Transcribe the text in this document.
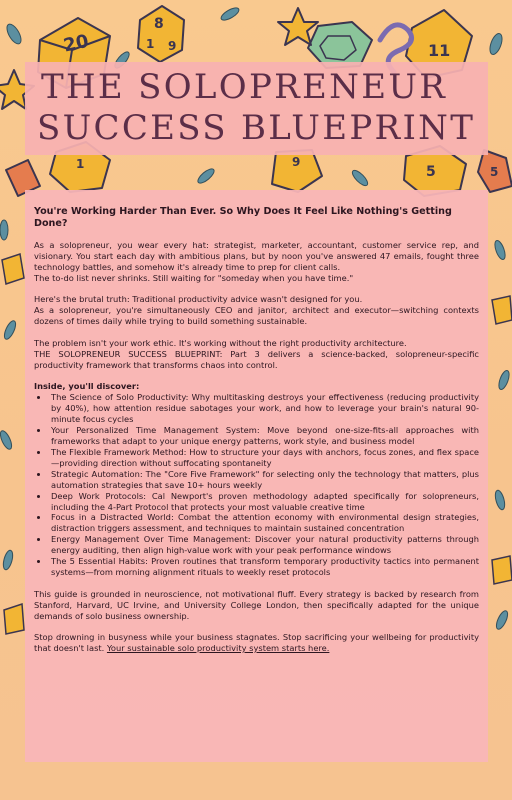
20
8
1 9	11
1	9
5	5
THE SOLOPRENEUR
SUCCESS BLUEPRINT
You're Working Harder Than Ever. So Why Does It Feel Like Nothing's Getting Done?
As a solopreneur, you wear every hat: strategist, marketer, accountant, customer service rep, and visionary. You start each day with ambitious plans, but by noon you've answered 47 emails, fought three technology battles, and somehow it's already time to prep for client calls.
The to-do list never shrinks. Still waiting for "someday when you have time."
Here's the brutal truth: Traditional productivity advice wasn't designed for you.
As a solopreneur, you're simultaneously CEO and janitor, architect and executor—switching contexts dozens of times daily while trying to build something sustainable.
The problem isn't your work ethic. It's working without the right productivity architecture.
THE SOLOPRENEUR SUCCESS BLUEPRINT: Part 3 delivers a science-backed, solopreneur-specific productivity framework that transforms chaos into control.
Inside, you'll discover:
• The Science of Solo Productivity: Why multitasking destroys your effectiveness (reducing productivity by 40%), how attention residue sabotages your work, and how to leverage your brain's natural 90-minute focus cycles
• Your Personalized Time Management System: Move beyond one-size-fits-all approaches with frameworks that adapt to your unique energy patterns, work style, and business model
• The Flexible Framework Method: How to structure your days with anchors, focus zones, and flex space—providing direction without suffocating spontaneity
• Strategic Automation: The "Core Five Framework" for selecting only the technology that matters, plus automation strategies that save 10+ hours weekly
• Deep Work Protocols: Cal Newport's proven methodology adapted specifically for solopreneurs, including the 4-Part Protocol that protects your most valuable creative time
• Focus in a Distracted World: Combat the attention economy with environmental design strategies, distraction triggers assessment, and techniques to maintain sustained concentration
• Energy Management Over Time Management: Discover your natural productivity patterns through energy auditing, then align high-value work with your peak performance windows
• The 5 Essential Habits: Proven routines that transform temporary productivity tactics into permanent systems—from morning alignment rituals to weekly reset protocols
This guide is grounded in neuroscience, not motivational fluff. Every strategy is backed by research from Stanford, Harvard, UC Irvine, and University College London, then specifically adapted for the unique demands of solo business ownership.
Stop drowning in busyness while your business stagnates. Stop sacrificing your wellbeing for productivity that doesn't last. Your sustainable solo productivity system starts here.
